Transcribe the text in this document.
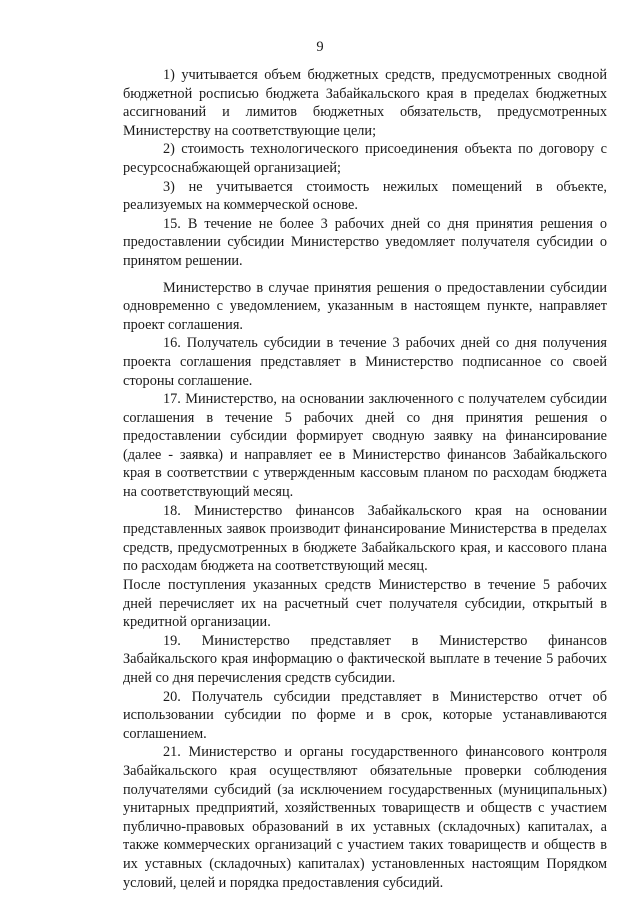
9

1) учитывается объем бюджетных средств, предусмотренных сводной бюджетной росписью бюджета Забайкальского края в пределах бюджетных ассигнований и лимитов бюджетных обязательств, предусмотренных Министерству на соответствующие цели;

2) стоимость технологического присоединения объекта по договору с ресурсоснабжающей организацией;

3) не учитывается стоимость нежилых помещений в объекте, реализуемых на коммерческой основе.

15. В течение не более 3 рабочих дней со дня принятия решения о предоставлении субсидии Министерство уведомляет получателя субсидии о принятом решении.

Министерство в случае принятия решения о предоставлении субсидии одновременно с уведомлением, указанным в настоящем пункте, направляет проект соглашения.

16. Получатель субсидии в течение 3 рабочих дней со дня получения проекта соглашения представляет в Министерство подписанное со своей стороны соглашение.

17. Министерство, на основании заключенного с получателем субсидии соглашения в течение 5 рабочих дней со дня принятия решения о предоставлении субсидии формирует сводную заявку на финансирование (далее - заявка) и направляет ее в Министерство финансов Забайкальского края в соответствии с утвержденным кассовым планом по расходам бюджета на соответствующий месяц.

18. Министерство финансов Забайкальского края на основании представленных заявок производит финансирование Министерства в пределах средств, предусмотренных в бюджете Забайкальского края, и кассового плана по расходам бюджета на соответствующий месяц.

После поступления указанных средств Министерство в течение 5 рабочих дней перечисляет их на расчетный счет получателя субсидии, открытый в кредитной организации.

19. Министерство представляет в Министерство финансов Забайкальского края информацию о фактической выплате в течение 5 рабочих дней со дня перечисления средств субсидии.

20. Получатель субсидии представляет в Министерство отчет об использовании субсидии по форме и в срок, которые устанавливаются соглашением.

21. Министерство и органы государственного финансового контроля Забайкальского края осуществляют обязательные проверки соблюдения получателями субсидий (за исключением государственных (муниципальных) унитарных предприятий, хозяйственных товариществ и обществ с участием публично-правовых образований в их уставных (складочных) капиталах, а также коммерческих организаций с участием таких товариществ и обществ в их уставных (складочных) капиталах) установленных настоящим Порядком условий, целей и порядка предоставления субсидий.
